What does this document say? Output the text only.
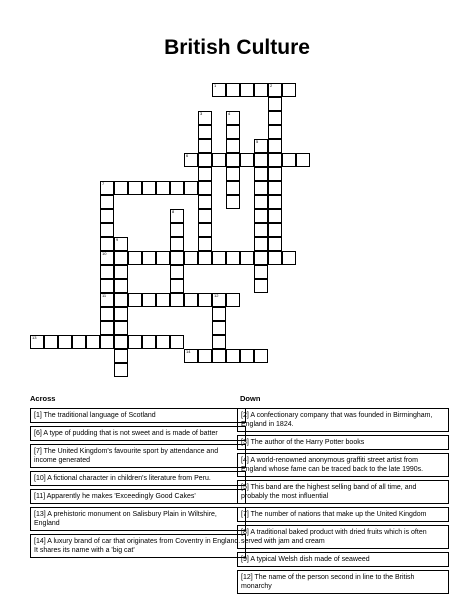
British Culture
1	2
3	4
5
6
7
8
9
10
11	12
13
14
Across	Down
[1] The traditional language of Scotland
[6] A type of pudding that is not sweet and is made of batter
[7] The United Kingdom's favourite sport by attendance and income generated
[10] A fictional character in children's literature from Peru.
[11] Apparently he makes 'Exceedingly Good Cakes'
[13] A prehistoric monument on Salisbury Plain in Wiltshire, England
[14] A luxury brand of car that originates from Coventry in England. It shares its name with a 'big cat'
[2] A confectionary company that was founded in Birmingham, England in 1824.
[3] The author of the Harry Potter books
[4] A world-renowned anonymous graffiti street artist from England whose fame can be traced back to the late 1990s.
[5] This band are the highest selling band of all time, and probably the most influential
[7] The number of nations that make up the United Kingdom
[8] A traditional baked product with dried fruits which is often served with jam and cream
[9] A typical Welsh dish made of seaweed
[12] The name of the person second in line to the British monarchy
